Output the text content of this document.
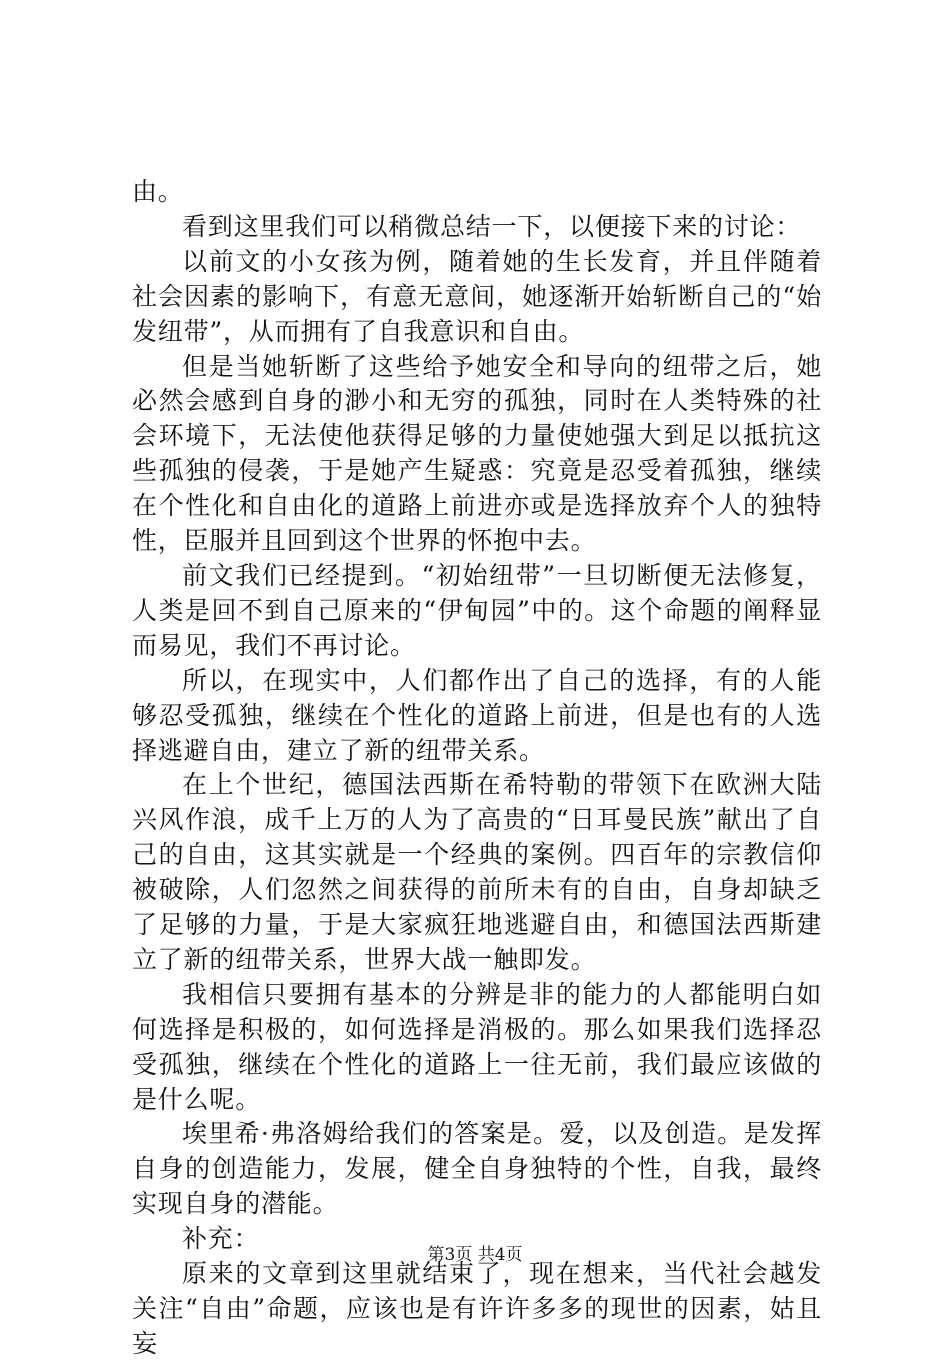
由。

看到这里我们可以稍微总结一下，以便接下来的讨论：

以前文的小女孩为例，随着她的生长发育，并且伴随着社会因素的影响下，有意无意间，她逐渐开始斩断自己的“始发纽带”，从而拥有了自我意识和自由。

但是当她斩断了这些给予她安全和导向的纽带之后，她必然会感到自身的渺小和无穷的孤独，同时在人类特殊的社会环境下，无法使他获得足够的力量使她强大到足以抵抗这些孤独的侵袭，于是她产生疑惑：究竟是忍受着孤独，继续在个性化和自由化的道路上前进亦或是选择放弃个人的独特性，臣服并且回到这个世界的怀抱中去。

前文我们已经提到。“初始纽带”一旦切断便无法修复，人类是回不到自己原来的“伊甸园”中的。这个命题的阐释显而易见，我们不再讨论。

所以，在现实中，人们都作出了自己的选择，有的人能够忍受孤独，继续在个性化的道路上前进，但是也有的人选择逃避自由，建立了新的纽带关系。

在上个世纪，德国法西斯在希特勒的带领下在欧洲大陆兴风作浪，成千上万的人为了高贵的“日耳曼民族”献出了自己的自由，这其实就是一个经典的案例。四百年的宗教信仰被破除，人们忽然之间获得的前所未有的自由，自身却缺乏了足够的力量，于是大家疯狂地逃避自由，和德国法西斯建立了新的纽带关系，世界大战一触即发。

我相信只要拥有基本的分辨是非的能力的人都能明白如何选择是积极的，如何选择是消极的。那么如果我们选择忍受孤独，继续在个性化的道路上一往无前，我们最应该做的是什么呢。

埃里希·弗洛姆给我们的答案是。爱，以及创造。是发挥自身的创造能力，发展，健全自身独特的个性，自我，最终实现自身的潜能。

补充：

原来的文章到这里就结束了，现在想来，当代社会越发关注“自由”命题，应该也是有许许多多的现世的因素，姑且妄

第3页 共4页
